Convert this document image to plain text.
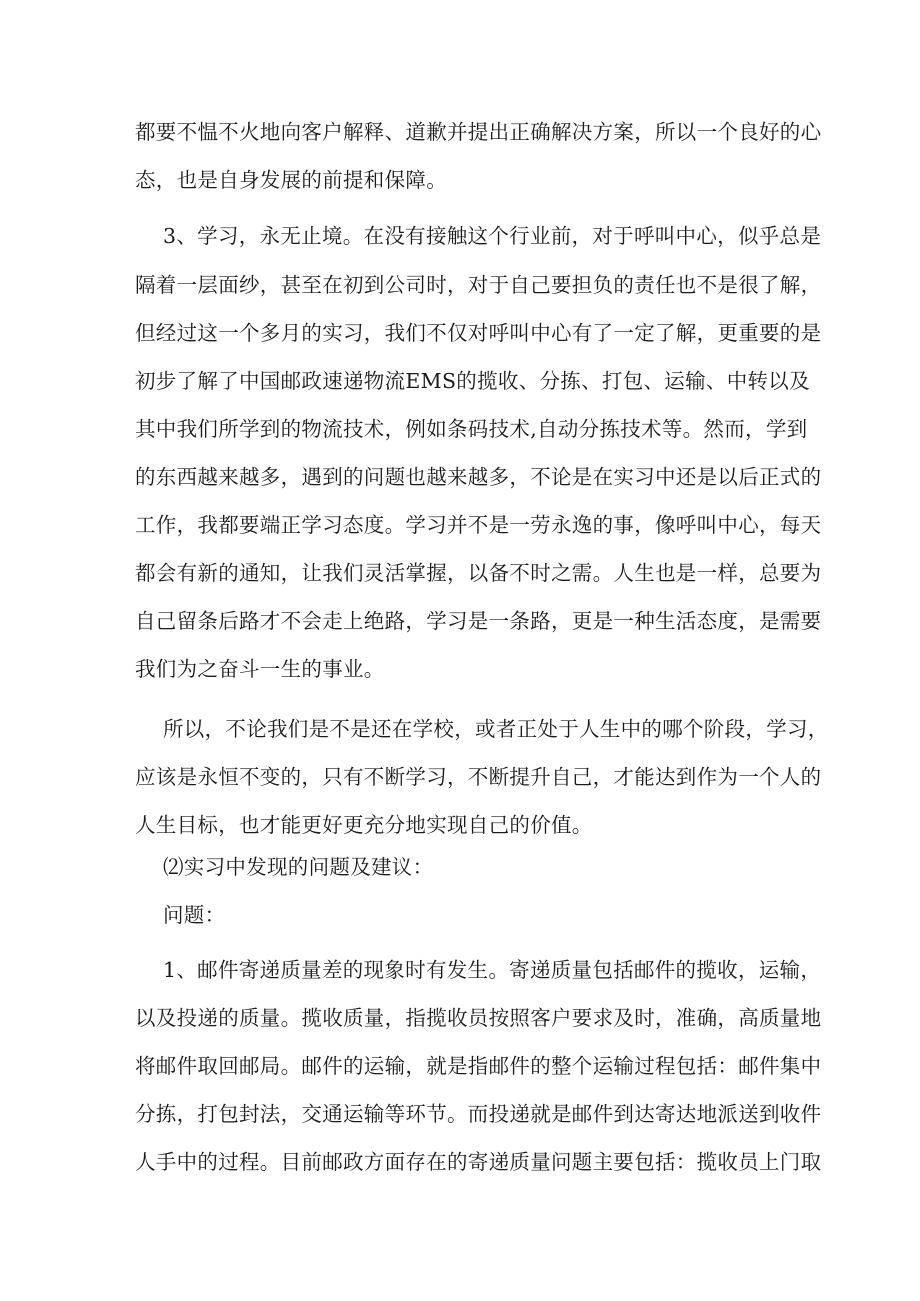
都要不愠不火地向客户解释、道歉并提出正确解决方案，所以一个良好的心
态，也是自身发展的前提和保障。
3、学习，永无止境。在没有接触这个行业前，对于呼叫中心，似乎总是
隔着一层面纱，甚至在初到公司时，对于自己要担负的责任也不是很了解，
但经过这一个多月的实习，我们不仅对呼叫中心有了一定了解，更重要的是
初步了解了中国邮政速递物流EMS的揽收、分拣、打包、运输、中转以及
其中我们所学到的物流技术，例如条码技术,自动分拣技术等。然而，学到
的东西越来越多，遇到的问题也越来越多，不论是在实习中还是以后正式的
工作，我都要端正学习态度。学习并不是一劳永逸的事，像呼叫中心，每天
都会有新的通知，让我们灵活掌握，以备不时之需。人生也是一样，总要为
自己留条后路才不会走上绝路，学习是一条路，更是一种生活态度，是需要
我们为之奋斗一生的事业。
所以，不论我们是不是还在学校，或者正处于人生中的哪个阶段，学习，
应该是永恒不变的，只有不断学习，不断提升自己，才能达到作为一个人的
人生目标，也才能更好更充分地实现自己的价值。
⑵实习中发现的问题及建议：
问题：
1、邮件寄递质量差的现象时有发生。寄递质量包括邮件的揽收，运输，
以及投递的质量。揽收质量，指揽收员按照客户要求及时，准确，高质量地
将邮件取回邮局。邮件的运输，就是指邮件的整个运输过程包括：邮件集中
分拣，打包封法，交通运输等环节。而投递就是邮件到达寄达地派送到收件
人手中的过程。目前邮政方面存在的寄递质量问题主要包括：揽收员上门取
